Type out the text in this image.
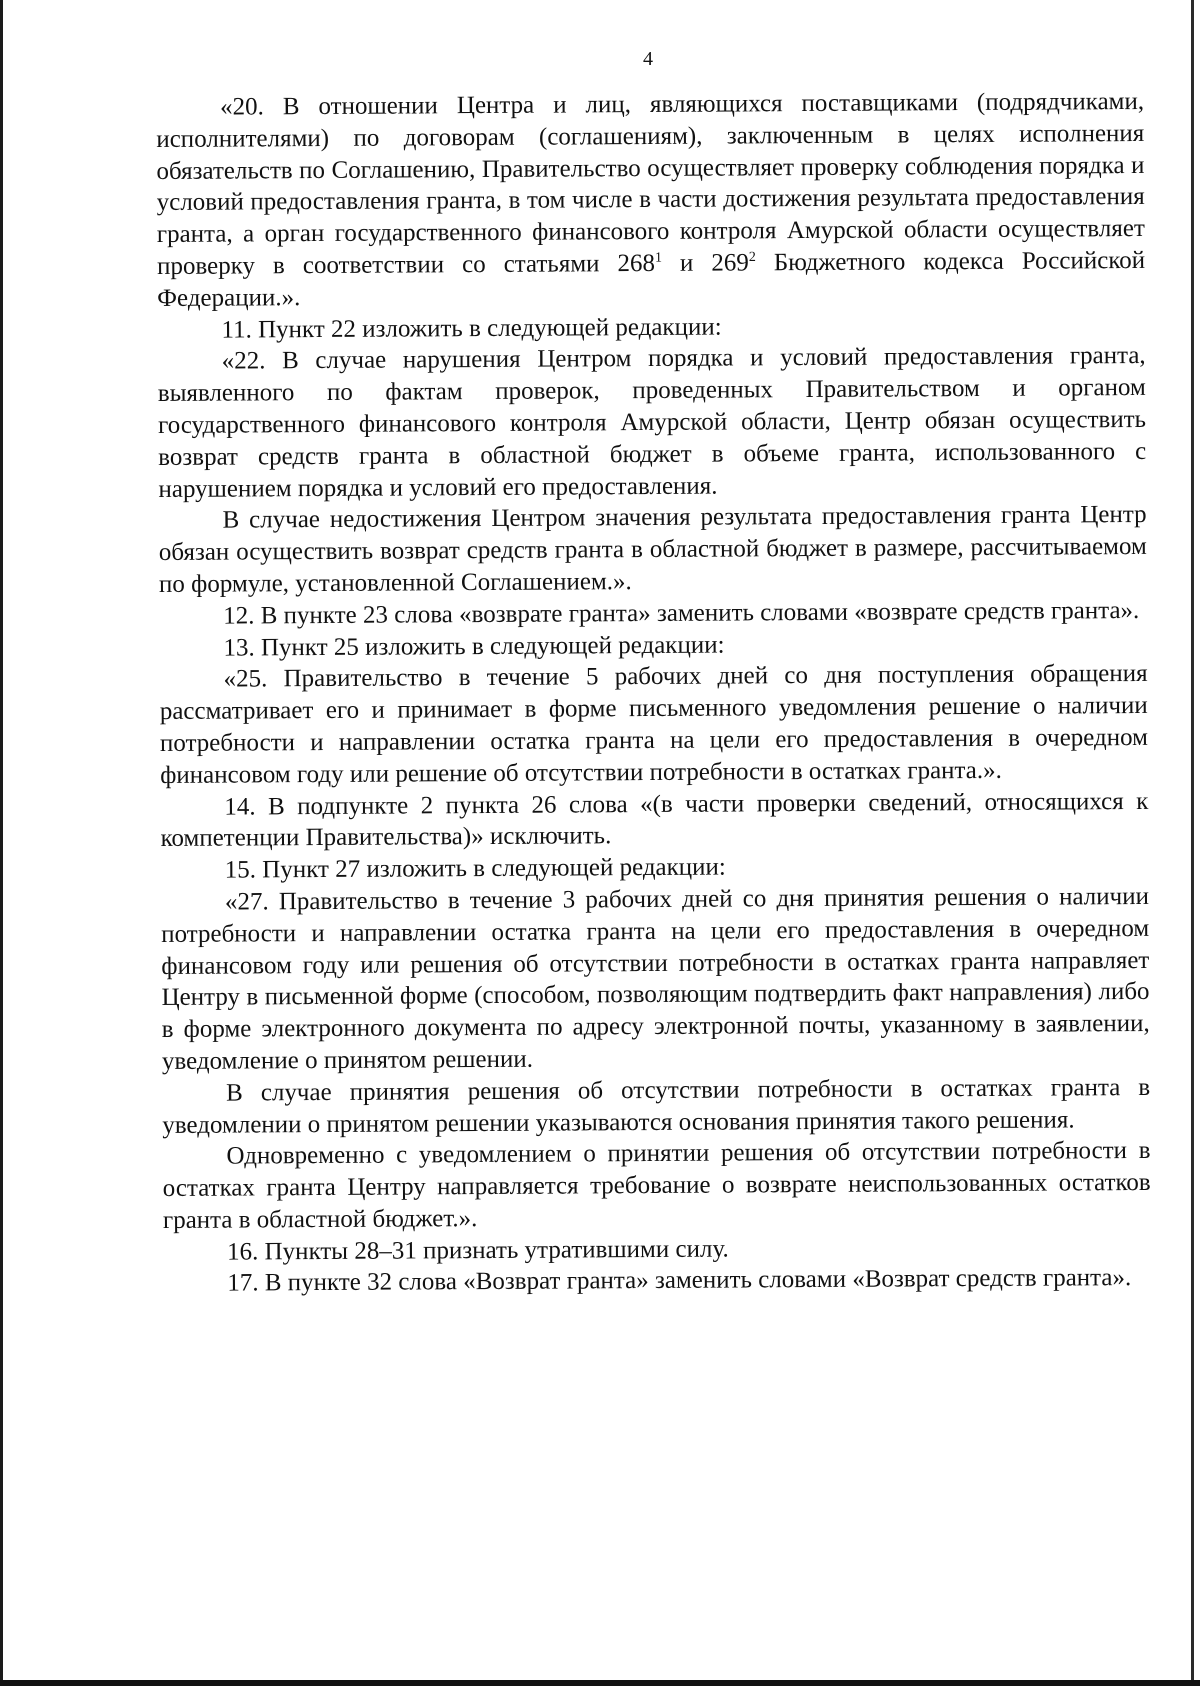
4

«20. В отношении Центра и лиц, являющихся поставщиками (подрядчиками, исполнителями) по договорам (соглашениям), заключенным в целях исполнения обязательств по Соглашению, Правительство осуществляет проверку соблюдения порядка и условий предоставления гранта, в том числе в части достижения результата предоставления гранта, а орган государственного финансового контроля Амурской области осуществляет проверку в соответствии со статьями $268^1$ и $269^2$ Бюджетного кодекса Российской Федерации.».

11. Пункт 22 изложить в следующей редакции:

«22. В случае нарушения Центром порядка и условий предоставления гранта, выявленного по фактам проверок, проведенных Правительством и органом государственного финансового контроля Амурской области, Центр обязан осуществить возврат средств гранта в областной бюджет в объеме гранта, использованного с нарушением порядка и условий его предоставления.

В случае недостижения Центром значения результата предоставления гранта Центр обязан осуществить возврат средств гранта в областной бюджет в размере, рассчитываемом по формуле, установленной Соглашением.».

12. В пункте 23 слова «возврате гранта» заменить словами «возврате средств гранта».

13. Пункт 25 изложить в следующей редакции:

«25. Правительство в течение 5 рабочих дней со дня поступления обращения рассматривает его и принимает в форме письменного уведомления решение о наличии потребности и направлении остатка гранта на цели его предоставления в очередном финансовом году или решение об отсутствии потребности в остатках гранта.».

14. В подпункте 2 пункта 26 слова «(в части проверки сведений, относящихся к компетенции Правительства)» исключить.

15. Пункт 27 изложить в следующей редакции:

«27. Правительство в течение 3 рабочих дней со дня принятия решения о наличии потребности и направлении остатка гранта на цели его предоставления в очередном финансовом году или решения об отсутствии потребности в остатках гранта направляет Центру в письменной форме (способом, позволяющим подтвердить факт направления) либо в форме электронного документа по адресу электронной почты, указанному в заявлении, уведомление о принятом решении.

В случае принятия решения об отсутствии потребности в остатках гранта в уведомлении о принятом решении указываются основания принятия такого решения.

Одновременно с уведомлением о принятии решения об отсутствии потребности в остатках гранта Центру направляется требование о возврате неиспользованных остатков гранта в областной бюджет.».

16. Пункты 28–31 признать утратившими силу.

17. В пункте 32 слова «Возврат гранта» заменить словами «Возврат средств гранта».
